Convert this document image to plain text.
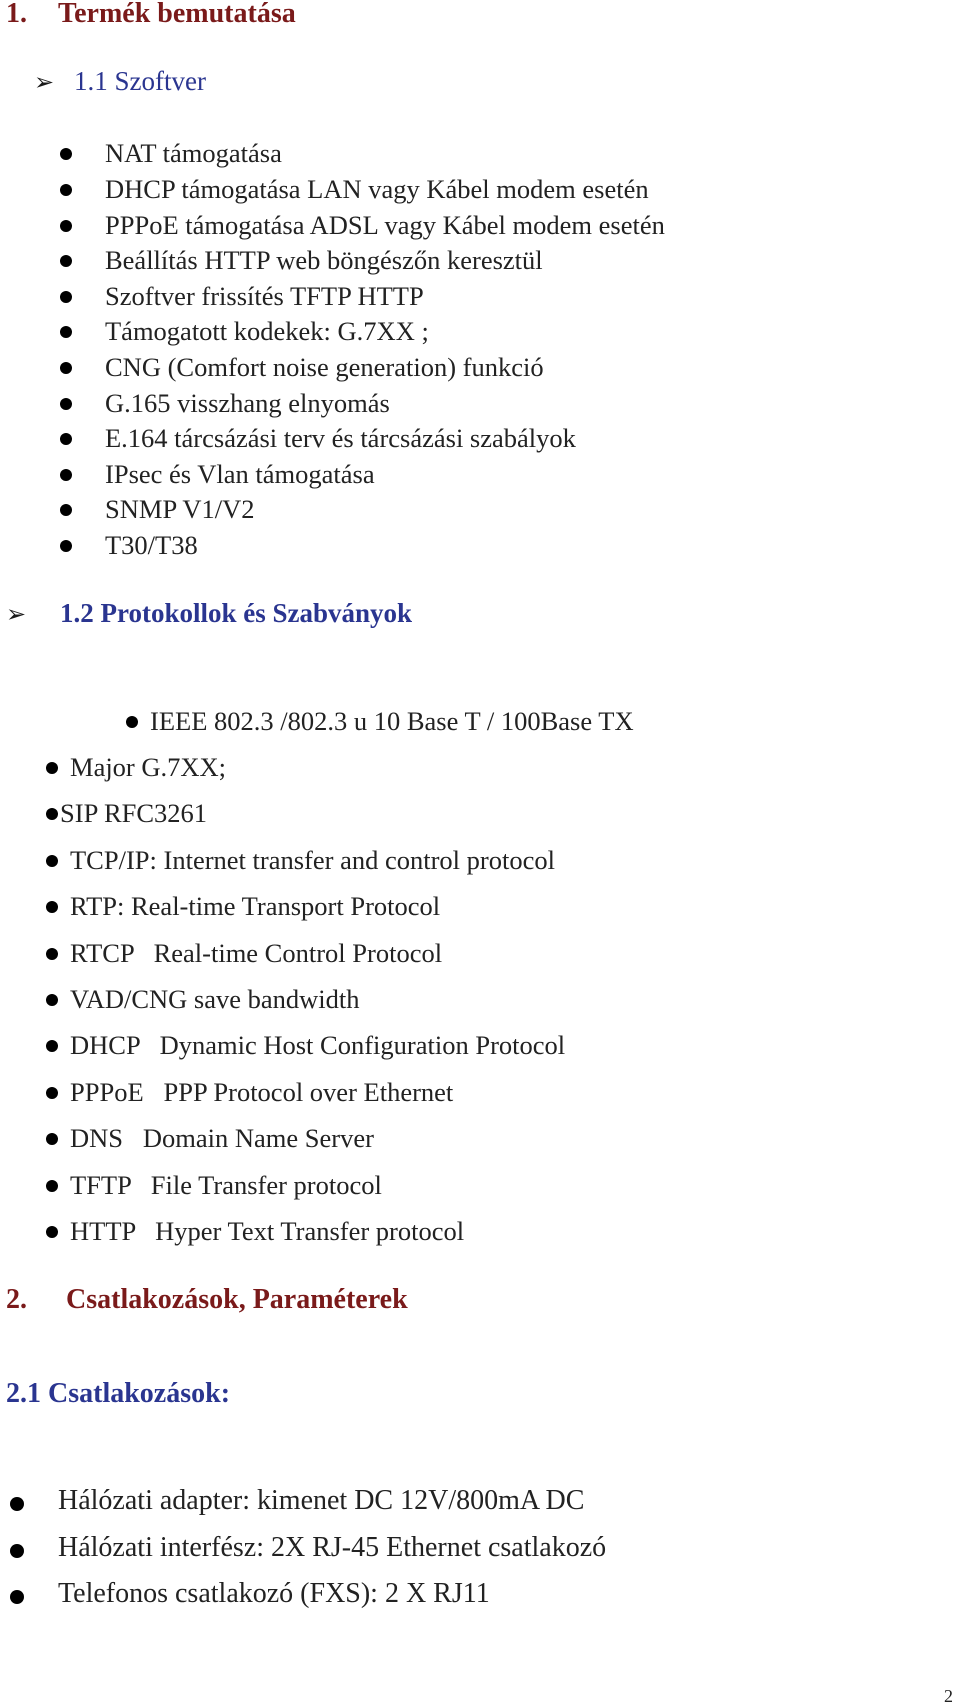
1. Termék bemutatása
➢ 1.1 Szoftver
NAT támogatása
DHCP támogatása LAN vagy Kábel modem esetén
PPPoE támogatása ADSL vagy Kábel modem esetén
Beállítás HTTP web böngészőn keresztül
Szoftver frissítés TFTP HTTP
Támogatott kodekek: G.7XX ;
CNG (Comfort noise generation) funkció
G.165 visszhang elnyomás
E.164 tárcsázási terv és tárcsázási szabályok
IPsec és Vlan támogatása
SNMP V1/V2
T30/T38
➢ 1.2 Protokollok és Szabványok
IEEE 802.3 /802.3 u 10 Base T / 100Base TX
Major G.7XX;
SIP RFC3261
TCP/IP: Internet transfer and control protocol
RTP: Real-time Transport Protocol
RTCP   Real-time Control Protocol
VAD/CNG save bandwidth
DHCP   Dynamic Host Configuration Protocol
PPPoE   PPP Protocol over Ethernet
DNS   Domain Name Server
TFTP   File Transfer protocol
HTTP   Hyper Text Transfer protocol
2. Csatlakozások, Paraméterek
2.1 Csatlakozások:
Hálózati adapter: kimenet DC 12V/800mA DC
Hálózati interfész: 2X RJ-45 Ethernet csatlakozó
Telefonos csatlakozó (FXS): 2 X RJ11
2
